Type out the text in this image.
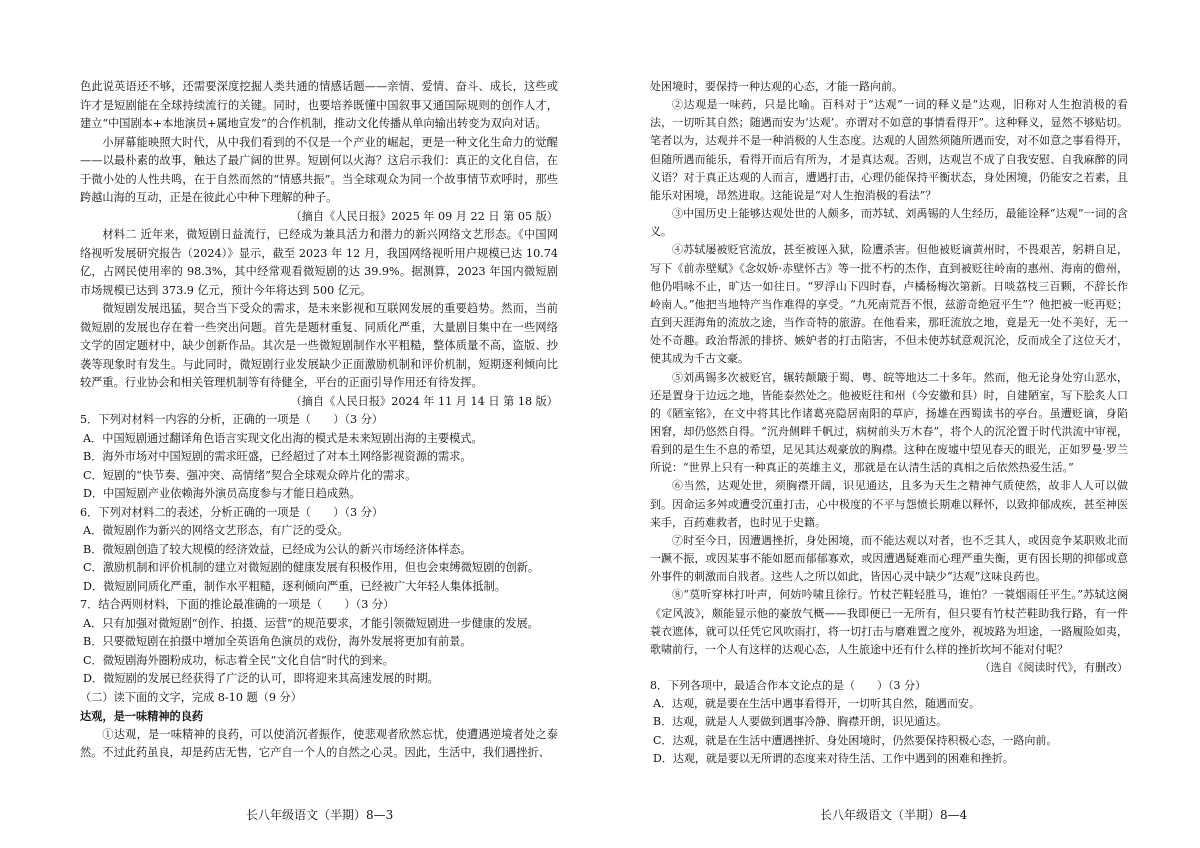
色此说英语还不够，还需要深度挖掘人类共通的情感话题——亲情、爱情、奋斗、成长，这些或许才是短剧能在全球持续流行的关键。同时，也要培养既懂中国叙事又通国际规则的创作人才，建立“中国剧本+本地演员+属地宣发”的合作机制，推动文化传播从单向输出转变为双向对话。

小屏幕能映照大时代，从中我们看到的不仅是一个产业的崛起，更是一种文化生命力的觉醒——以最朴素的故事，触达了最广阔的世界。短剧何以火海？这启示我们：真正的文化自信，在于微小处的人性共鸣，在于自然而然的“情感共振”。当全球观众为同一个故事情节欢呼时，那些跨越山海的互动，正是在彼此心中种下理解的种子。

（摘自《人民日报》2025 年 09 月 22 日 第 05 版）

材料二 近年来，微短剧日益流行，已经成为兼具活力和潜力的新兴网络文艺形态。《中国网络视听发展研究报告（2024）》显示，截至 2023 年 12 月，我国网络视听用户规模已达 10.74 亿，占网民使用率的 98.3%，其中经常观看微短剧的达 39.9%。据测算，2023 年国内微短剧市场规模已达到 373.9 亿元，预计今年将达到 500 亿元。

微短剧发展迅猛，契合当下受众的需求，是未来影视和互联网发展的重要趋势。然而，当前微短剧的发展也存在着一些突出问题。首先是题材重复、同质化严重，大量剧目集中在一些网络文学的固定题材中，缺少创新作品。其次是一些微短剧制作水平粗糙，整体质量不高，盗版、抄袭等现象时有发生。与此同时，微短剧行业发展缺少正面激励机制和评价机制，短期逐利倾向比较严重。行业协会和相关管理机制等有待健全，平台的正面引导作用还有待发挥。

（摘自《人民日报》2024 年 11 月 14 日 第 18 版）

5．下列对材料一内容的分析，正确的一项是（　　）（3 分）

A．中国短剧通过翻译角色语言实现文化出海的模式是未来短剧出海的主要模式。

B．海外市场对中国短剧的需求旺盛，已经超过了对本土网络影视资源的需求。

C．短剧的“快节奏、强冲突、高情绪”契合全球观众碎片化的需求。

D．中国短剧产业依赖海外演员高度参与才能日趋成熟。

6．下列对材料二的表述，分析正确的一项是（　　）（3 分）

A．微短剧作为新兴的网络文艺形态，有广泛的受众。

B．微短剧创造了较大规模的经济效益，已经成为公认的新兴市场经济体样态。

C．激励机制和评价机制的建立对微短剧的健康发展有积极作用，但也会束缚微短剧的创新。

D．微短剧同质化严重，制作水平粗糙，逐利倾向严重，已经被广大年轻人集体抵制。

7．结合两则材料，下面的推论最准确的一项是（　　）（3 分）

A．只有加强对微短剧“创作、拍摄、运营”的规范要求，才能引领微短剧进一步健康的发展。

B．只要微短剧在拍摄中增加全英语角色演员的戏份，海外发展将更加有前景。

C．微短剧海外圈粉成功，标志着全民“文化自信”时代的到来。

D．微短剧的发展已经获得了广泛的认可，即将迎来其高速发展的时期。

（二）读下面的文字，完成 8-10 题（9 分）

达观，是一味精神的良药

①达观，是一味精神的良药，可以使消沉者振作，使悲观者欣然忘忧，使遭遇逆境者处之泰然。不过此药虽良，却是药店无售，它产自一个人的自然之心灵。因此，生活中，我们遇挫折、

处困境时，要保持一种达观的心态，才能一路向前。

②达观是一味药，只是比喻。百科对于“达观”一词的释义是“达观，旧称对人生抱消极的看法，一切听其自然；随遇而安为‘达观’。亦谓对不如意的事情看得开”。这种释义，显然不够贴切。笔者以为，达观并不是一种消极的人生态度。达观的人固然须随所遇而安，对不如意之事看得开，但随所遇而能乐，看得开而后有所为，才是真达观。否则，达观岂不成了自我安慰、自我麻醉的同义语？对于真正达观的人而言，遭遇打击，心理仍能保持平衡状态，身处困境，仍能安之若素，且能乐对困境，昂然进取。这能说是“对人生抱消极的看法”？

③中国历史上能够达观处世的人颇多，而苏轼、刘禹锡的人生经历，最能诠释“达观”一词的含义。

④苏轼屡被贬官流放，甚至被诬入狱，险遭杀害。但他被贬谪黄州时，不畏艰苦，躬耕自足，写下《前赤壁赋》《念奴娇·赤壁怀古》等一批不朽的杰作，直到被贬往岭南的惠州、海南的儋州，他仍唱咏不止，旷达一如往日。“罗浮山下四时春，卢橘杨梅次第新。日啖荔枝三百颗，不辞长作岭南人。”他把当地特产当作难得的享受。“九死南荒吾不恨，兹游奇绝冠平生”？他把被一贬再贬；直到天涯海角的流放之途，当作奇特的旅游。在他看来，那旺流放之地，竟是无一处不美好，无一处不奇趣。政治帮派的排挤、嫉妒者的打击陷害，不但未使苏轼意观沉沦，反而成全了这位天才，使其成为千古文豪。

⑤刘禹锡多次被贬官，辗转颠簸于蜀、粤、皖等地达二十多年。然而，他无论身处穷山恶水，还是置身于边远之地，皆能泰然处之。他被贬往和州（今安徽和县）时，自建陋室，写下脍炙人口的《陋室铭》，在文中将其比作诸葛亮隐居南阳的草庐，扬雄在西蜀读书的亭台。虽遭贬谪，身陷困窘，却仍悠然自得。“沉舟侧畔千帆过，病树前头万木春”，将个人的沉沦置于时代洪流中审视，看到的是生生不息的希望，足见其达观豪放的胸襟。这种在废墟中望见春天的眼光，正如罗曼·罗兰所说：“世界上只有一种真正的英雄主义，那就是在认清生活的真相之后依然热爱生活。”

⑥当然，达观处世，须胸襟开阔，识见通达，且多为天生之精神气质使然，故非人人可以做到。因命运多舛或遭受沉重打击，心中极度的不平与怨愤长期难以释怀，以致抑郁成疾，甚至神医来手，百药难救者，也时见于史籍。

⑦时至今日，因遭遇挫折，身处困境，而不能达观以对者，也不乏其人，或因竞争某职败北而一蹶不振，或因某事不能如愿而郁郁寡欢，或因遭遇疑难而心理严重失衡，更有因长期的抑郁或意外事件的刺激而自戕者。这些人之所以如此，皆因心灵中缺少“达观”这味良药也。

⑧“莫听穿林打叶声，何妨吟啸且徐行。竹杖芒鞋轻胜马，谁怕？一蓑烟雨任平生。”苏轼这阕《定风波》，颇能显示他的豪放气概——我即便已一无所有，但只要有竹杖芒鞋助我行路，有一件蓑衣遮体，就可以任凭它风吹雨打，将一切打击与磨难置之度外，视坡路为坦途，一路履险如夷，歌啸前行，一个人有这样的达观心态，人生旅途中还有什么样的挫折坎坷不能对付呢？

（选自《阅读时代》，有删改）

8．下列各项中，最适合作本文论点的是（　　）（3 分）

A．达观，就是要在生活中遇事看得开，一切听其自然，随遇而安。

B．达观，就是人人要做到遇事冷静、胸襟开朗，识见通达。

C．达观，就是在生活中遭遇挫折、身处困境时，仍然要保持积极心态，一路向前。

D．达观，就是要以无所谓的态度来对待生活、工作中遇到的困难和挫折。

长八年级语文（半期）8—3	长八年级语文（半期）8—4
